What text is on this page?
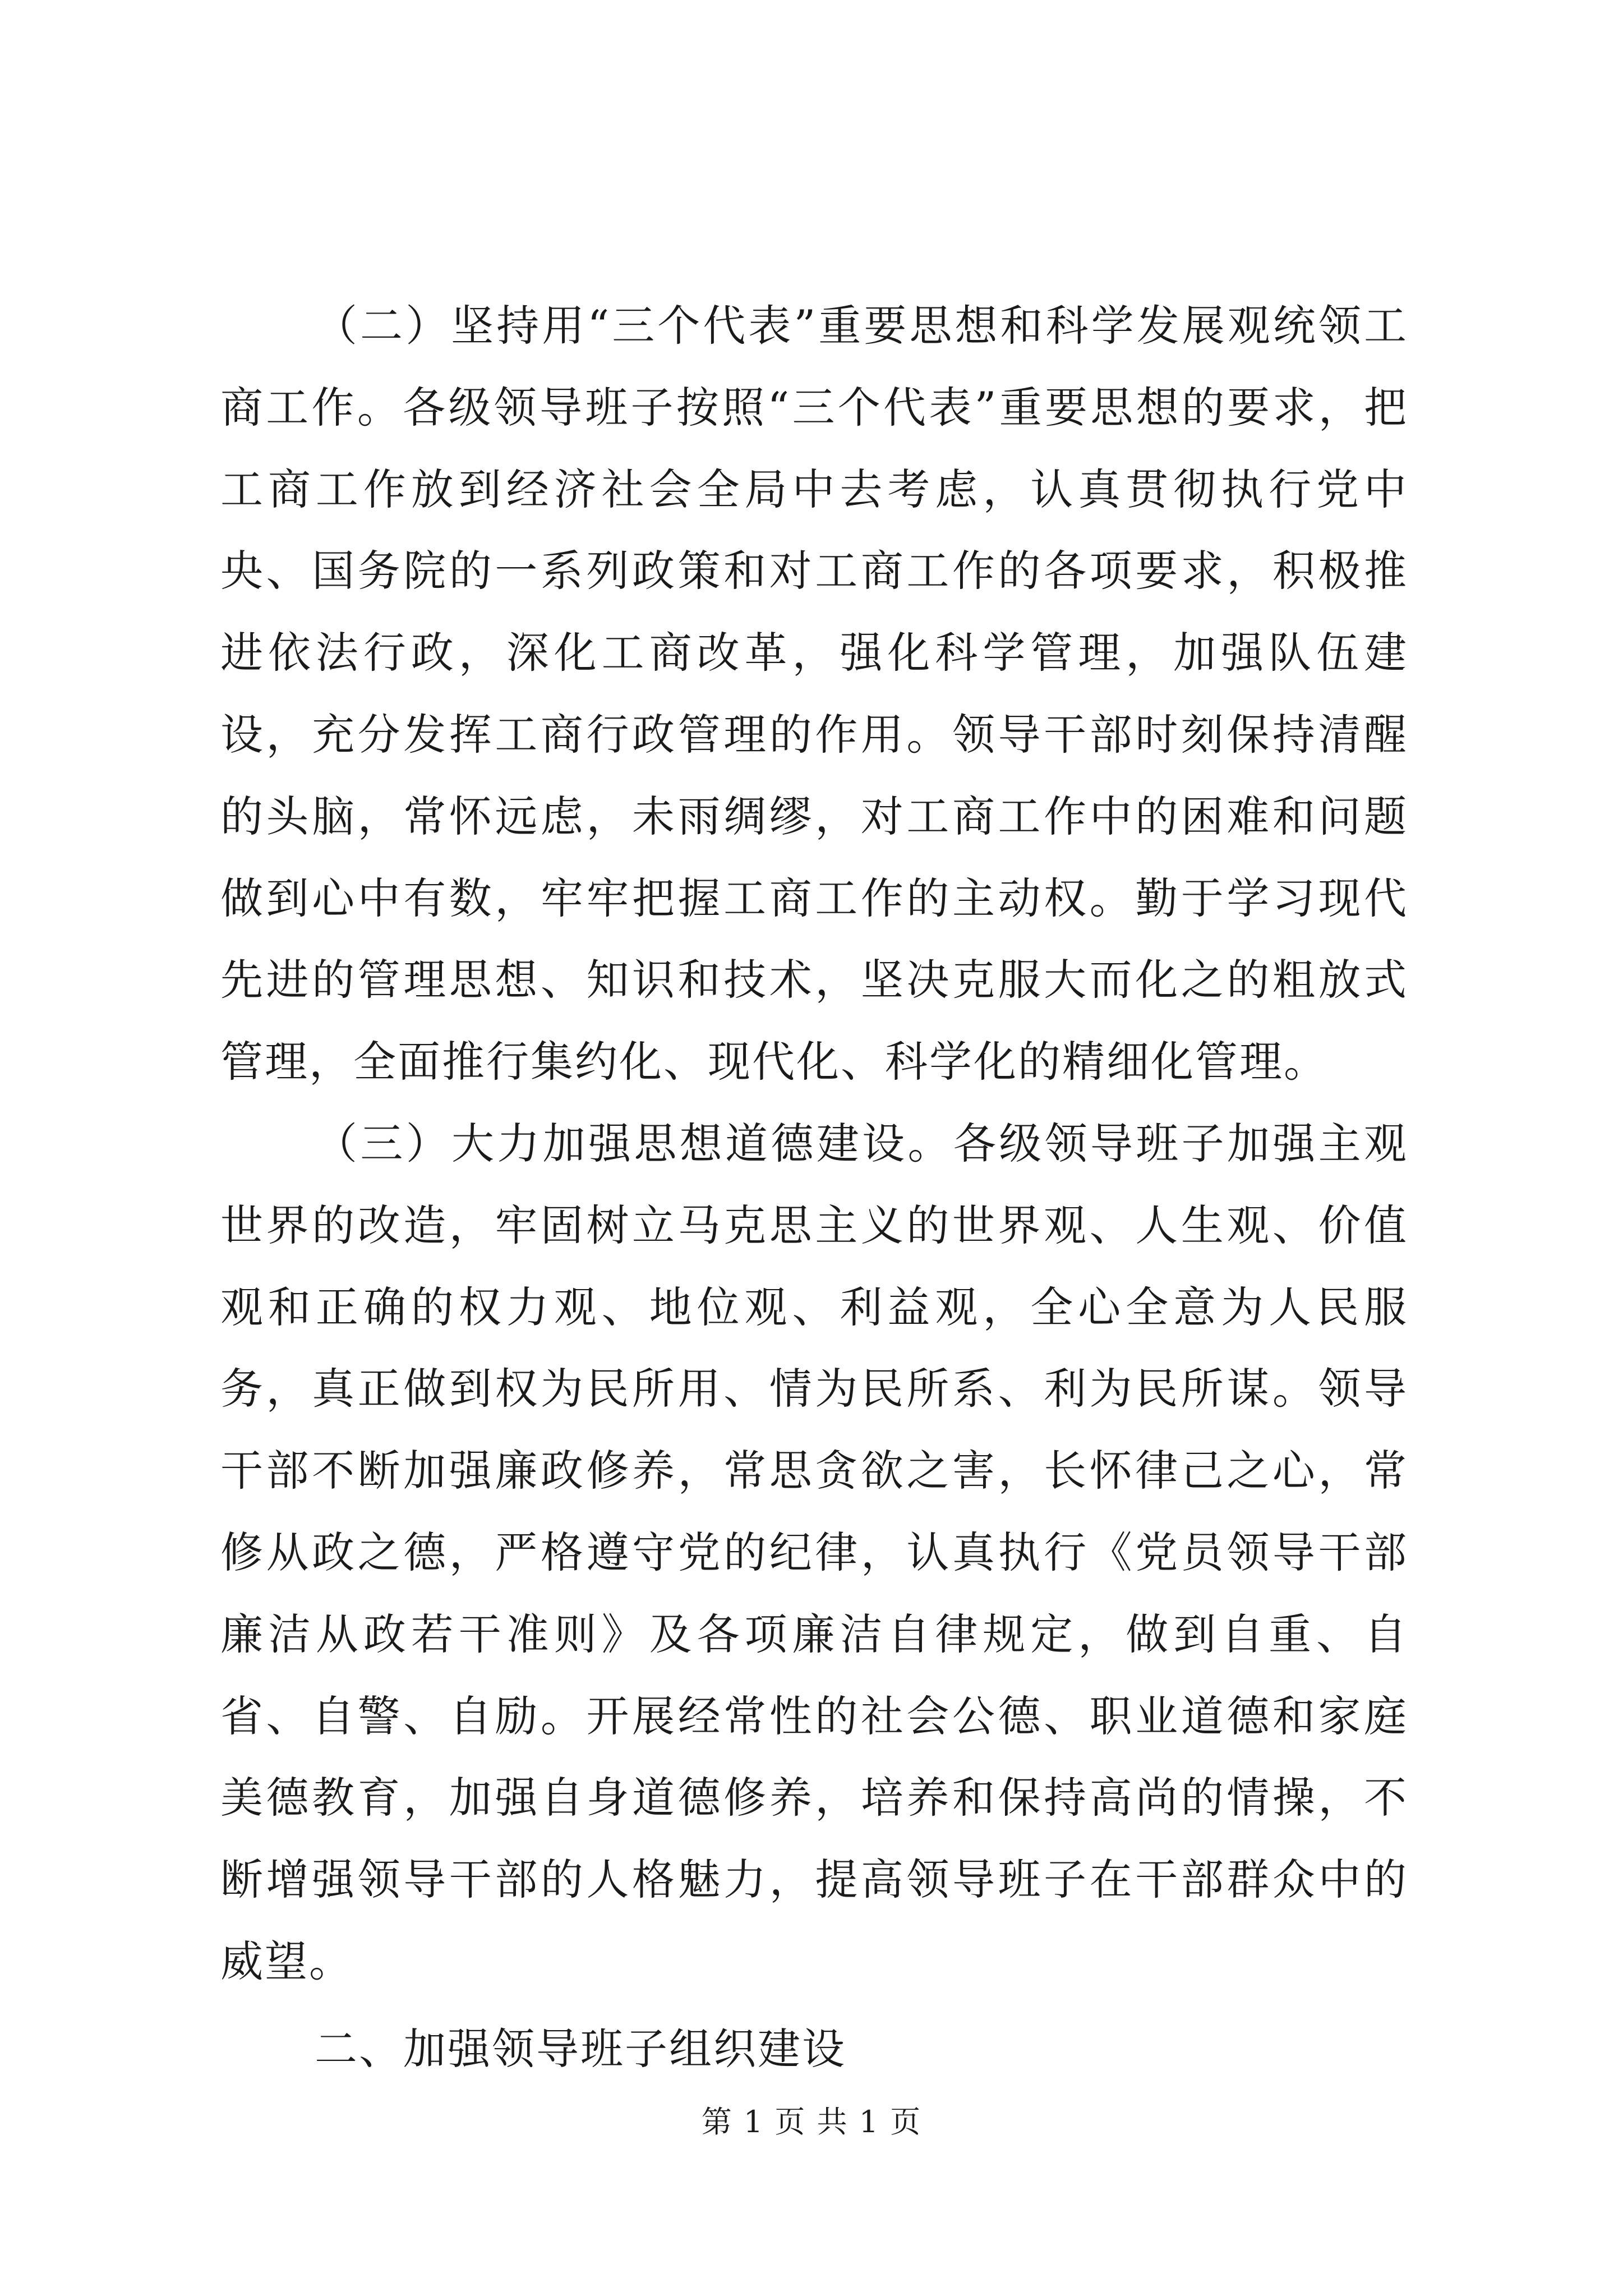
（二）坚持用“三个代表”重要思想和科学发展观统领工商工作。各级领导班子按照“三个代表”重要思想的要求，把工商工作放到经济社会全局中去考虑，认真贯彻执行党中央、国务院的一系列政策和对工商工作的各项要求，积极推进依法行政，深化工商改革，强化科学管理，加强队伍建设，充分发挥工商行政管理的作用。领导干部时刻保持清醒的头脑，常怀远虑，未雨绸缪，对工商工作中的困难和问题做到心中有数，牢牢把握工商工作的主动权。勤于学习现代先进的管理思想、知识和技术，坚决克服大而化之的粗放式管理，全面推行集约化、现代化、科学化的精细化管理。

（三）大力加强思想道德建设。各级领导班子加强主观世界的改造，牢固树立马克思主义的世界观、人生观、价值观和正确的权力观、地位观、利益观，全心全意为人民服务，真正做到权为民所用、情为民所系、利为民所谋。领导干部不断加强廉政修养，常思贪欲之害，长怀律己之心，常修从政之德，严格遵守党的纪律，认真执行《党员领导干部廉洁从政若干准则》及各项廉洁自律规定，做到自重、自省、自警、自励。开展经常性的社会公德、职业道德和家庭美德教育，加强自身道德修养，培养和保持高尚的情操，不断增强领导干部的人格魅力，提高领导班子在干部群众中的威望。

二、加强领导班子组织建设

第 1 页 共 1 页
